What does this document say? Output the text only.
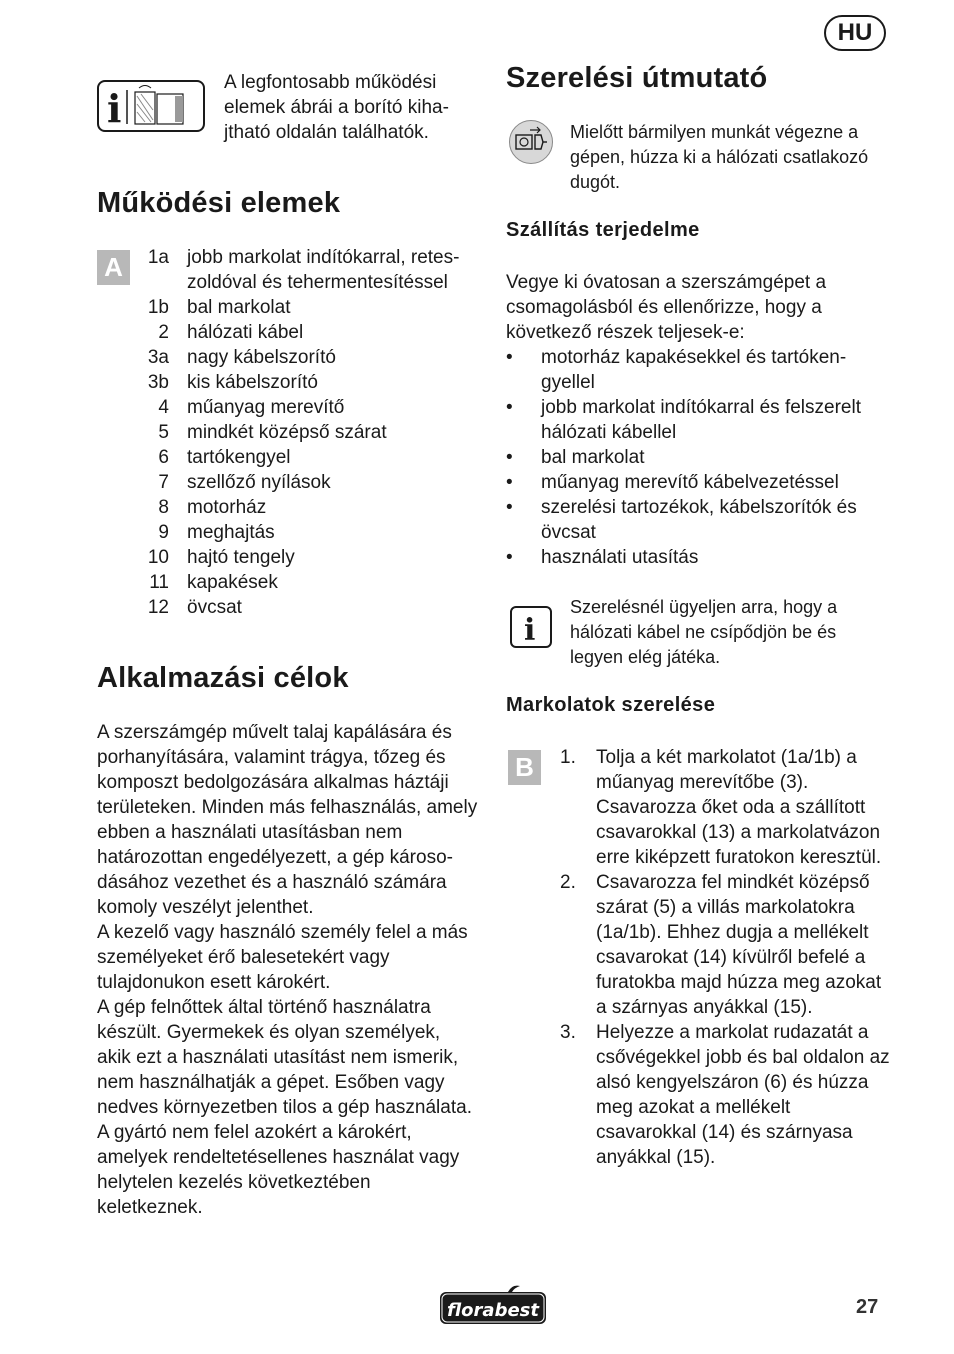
HU
i
A legfontosabb működési elemek ábrái a borító kihajtható oldalán találhatók.
Működési elemek
A	1a jobb markolat indítókarral, reteszoldóval és tehermentesítéssel
1b bal markolat
2 hálózati kábel
3a nagy kábelszorító
3b kis kábelszorító
4 műanyag merevítő
5 mindkét középső szárat
6 tartókengyel
7 szellőző nyílások
8 motorház
9 meghajtás
10 hajtó tengely
11 kapakések
12 övcsat
Alkalmazási célok

A szerszámgép művelt talaj kapálására és porhanyítására, valamint trágya, tőzeg és komposzt bedolgozására alkalmas háztáji területeken. Minden más felhasználás, amely ebben a használati utasításban nem határozottan engedélyezett, a gép károsodásához vezethet és a használó számára komoly veszélyt jelenthet.

A kezelő vagy használó személy felel a más személyeket érő balesetekért vagy tulajdonukon esett károkért.

A gép felnőttek által történő használatra készült. Gyermekek és olyan személyek, akik ezt a használati utasítást nem ismerik, nem használhatják a gépet. Esőben vagy nedves környezetben tilos a gép használata. A gyártó nem felel azokért a károkért, amelyek rendeltetésellenes használat vagy helytelen kezelés következtében keletkeznek.

Szerelési útmutató
Mielőtt bármilyen munkát végezne a gépen, húzza ki a hálózati csatlakozó dugót.
Szállítás terjedelme

Vegye ki óvatosan a szerszámgépet a csomagolásból és ellenőrizze, hogy a következő részek teljesek-e:

• motorház kapakésekkel és tartókengyellel
• jobb markolat indítókarral és felszerelt hálózati kábellel
• bal markolat
• műanyag merevítő kábelvezetéssel
• szerelési tartozékok, kábelszorítók és övcsat
• használati utasítás
i
Szerelésnél ügyeljen arra, hogy a hálózati kábel ne csípődjön be és legyen elég játéka.
Markolatok szerelése
B	1. Tolja a két markolatot (1a/1b) a műanyag merevítőbe (3). Csavarozza őket oda a szállított csavarokkal (13) a markolatvázon erre kiképzett furatokon keresztül.
2. Csavarozza fel mindkét középső szárat (5) a villás markolatokra (1a/1b). Ehhez dugja a mellékelt csavarokat (14) kívülről befelé a furatokba majd húzza meg azokat a szárnyas anyákkal (15).
3. Helyezze a markolat rudazatát a csővégekkel jobb és bal oldalon az alsó kengyelszáron (6) és húzza meg azokat a mellékelt csavarokkal (14) és szárnyasa anyákkal (15).
florabest	27
